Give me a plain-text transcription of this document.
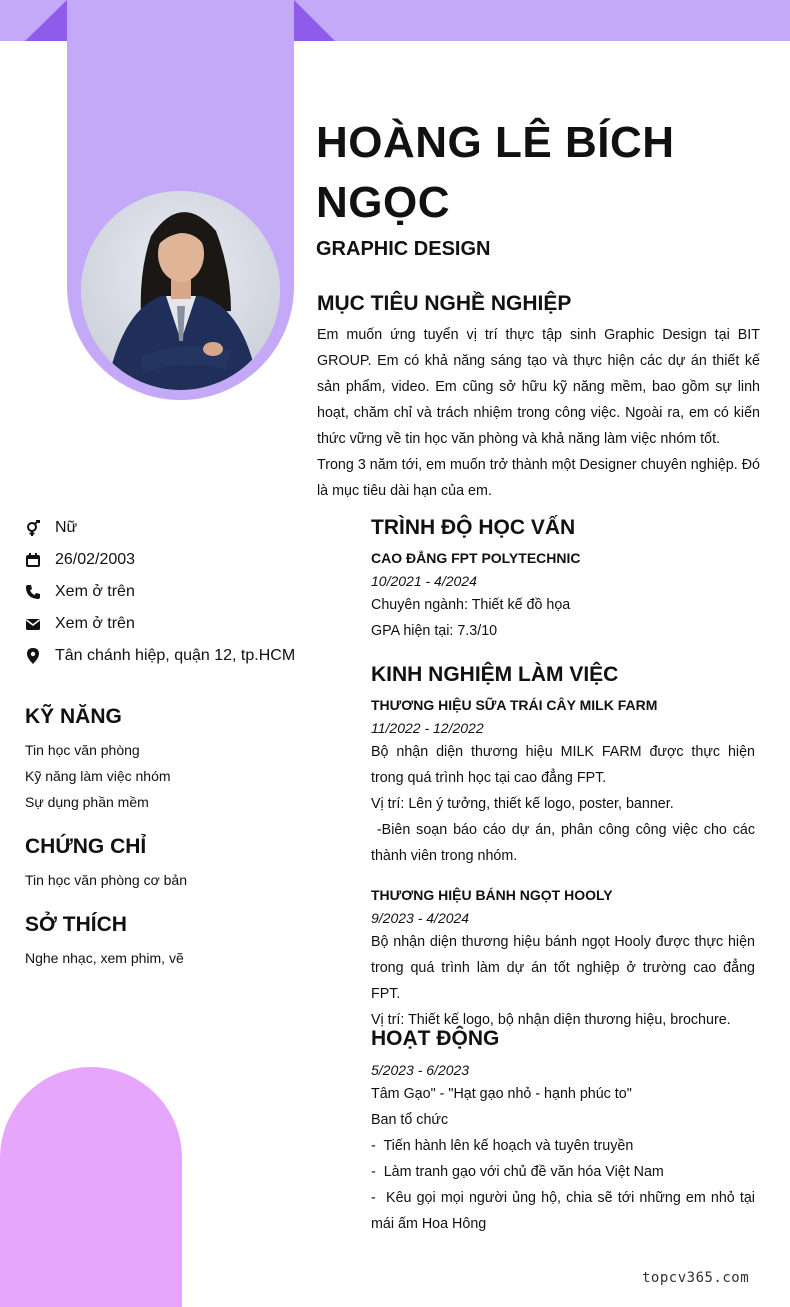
HOÀNG LÊ BÍCH NGỌC
GRAPHIC DESIGN
MỤC TIÊU NGHỀ NGHIỆP

Em muốn ứng tuyển vị trí thực tập sinh Graphic Design tại BIT GROUP. Em có khả năng sáng tạo và thực hiện các dự án thiết kế sản phẩm, video. Em cũng sở hữu kỹ năng mềm, bao gồm sự linh hoạt, chăm chỉ và trách nhiệm trong công việc. Ngoài ra, em có kiến thức vững về tin học văn phòng và khả năng làm việc nhóm tốt.

Trong 3 năm tới, em muốn trở thành một Designer chuyên nghiệp. Đó là mục tiêu dài hạn của em.

Nữ
26/02/2003
Xem ở trên
Xem ở trên
Tân chánh hiệp, quận 12, tp.HCM
KỸ NĂNG
Tin học văn phòng
Kỹ năng làm việc nhóm
Sự dụng phần mềm
CHỨNG CHỈ
Tin học văn phòng cơ bản
SỞ THÍCH
Nghe nhạc, xem phim, vẽ
TRÌNH ĐỘ HỌC VẤN
CAO ĐẲNG FPT POLYTECHNIC
10/2021 - 4/2024
Chuyên ngành: Thiết kế đồ họa
GPA hiện tại: 7.3/10
KINH NGHIỆM LÀM VIỆC
THƯƠNG HIỆU SỮA TRÁI CÂY MILK FARM
11/2022 - 12/2022
Bộ nhận diện thương hiệu MILK FARM được thực hiện trong quá trình học tại cao đẳng FPT.
Vị trí: Lên ý tưởng, thiết kế logo, poster, banner.
-Biên soạn báo cáo dự án, phân công công việc cho các thành viên trong nhóm.
THƯƠNG HIỆU BÁNH NGỌT HOOLY
9/2023 - 4/2024
Bộ nhận diện thương hiệu bánh ngọt Hooly được thực hiện trong quá trình làm dự án tốt nghiệp ở trường cao đẳng FPT.
Vị trí: Thiết kế logo, bộ nhận diện thương hiệu, brochure.
HOẠT ĐỘNG
5/2023 - 6/2023
Tâm Gạo" - "Hạt gạo nhỏ - hạnh phúc to"
Ban tổ chức
-  Tiến hành lên kế hoạch và tuyên truyền
-  Làm tranh gạo với chủ đề văn hóa Việt Nam
-  Kêu gọi mọi người ủng hộ, chia sẽ tới những em nhỏ tại mái ấm Hoa Hông
topcv365.com
